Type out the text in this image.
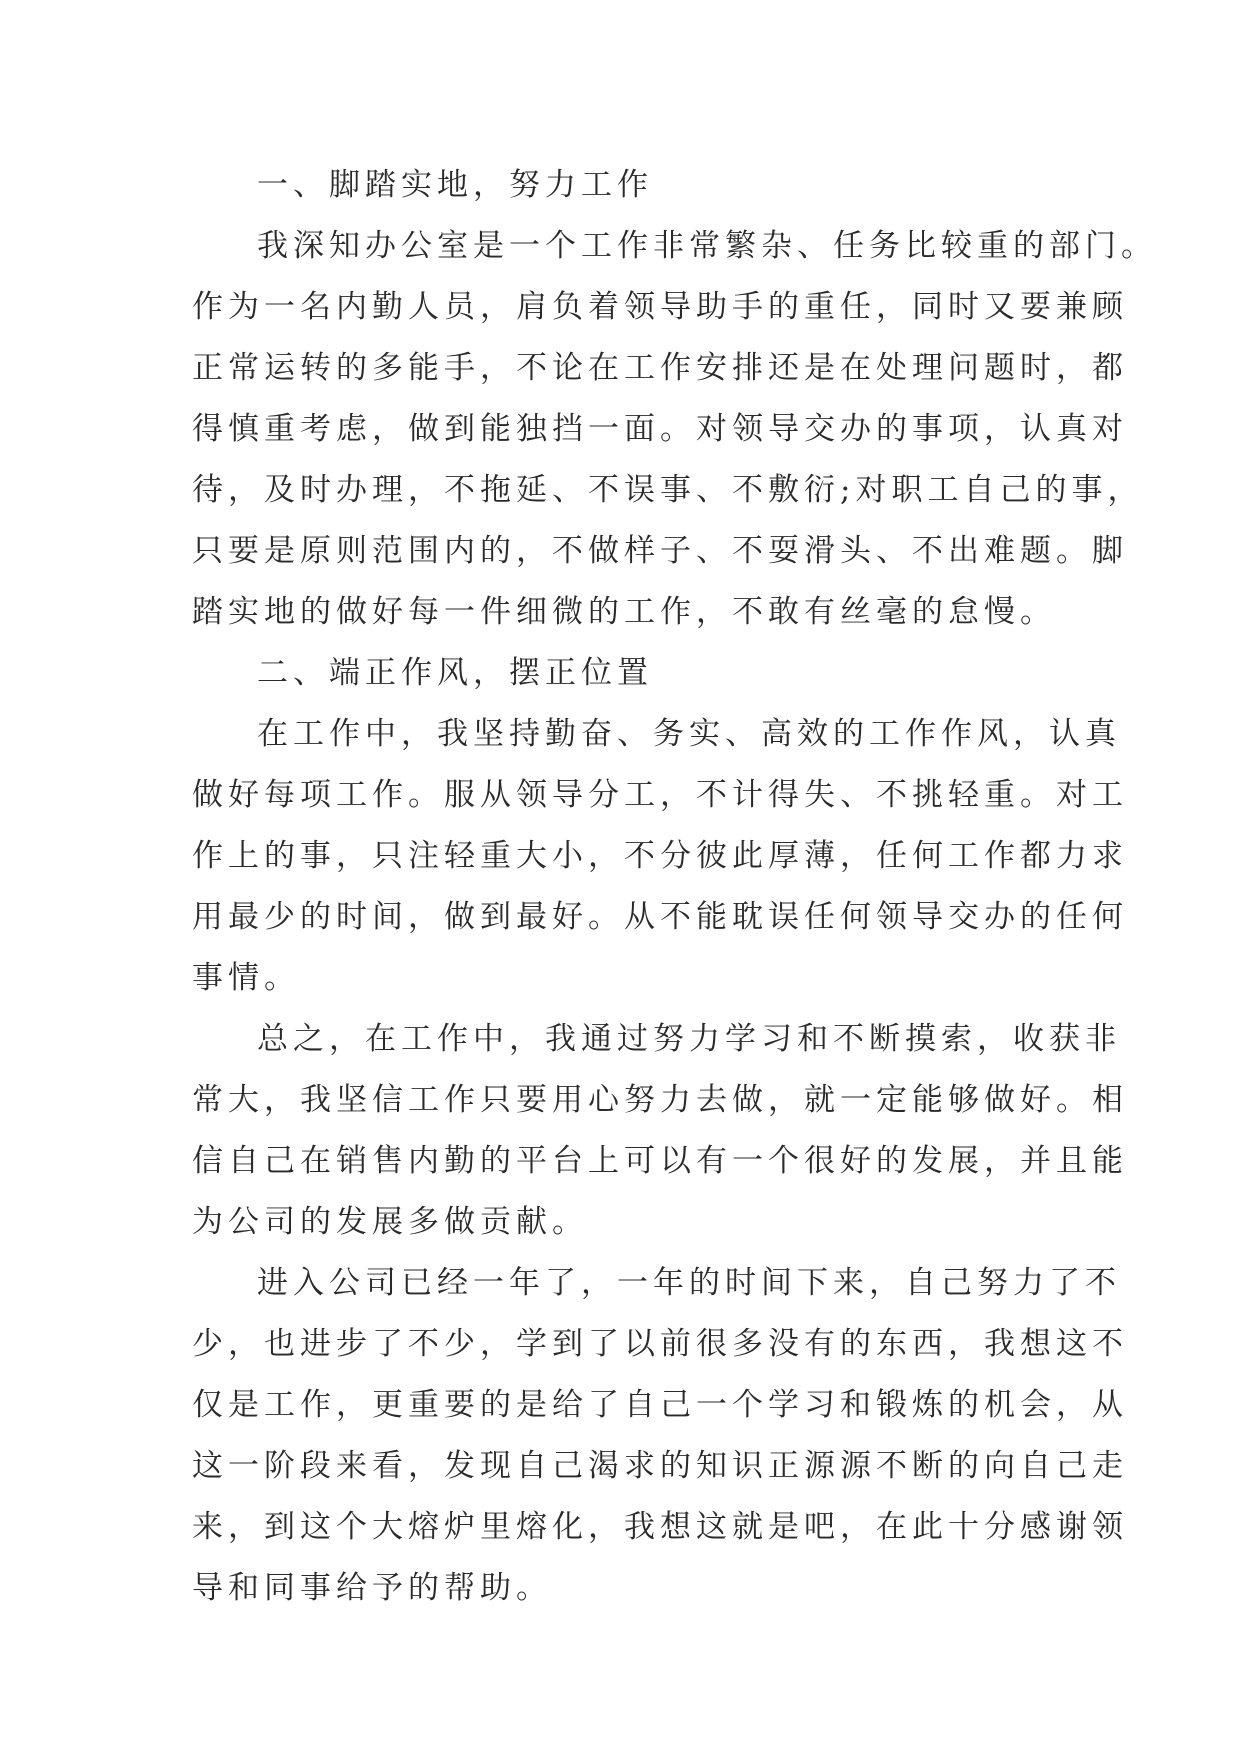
一、脚踏实地，努力工作
我深知办公室是一个工作非常繁杂、任务比较重的部门。
作为一名内勤人员，肩负着领导助手的重任，同时又要兼顾
正常运转的多能手，不论在工作安排还是在处理问题时，都
得慎重考虑，做到能独挡一面。对领导交办的事项，认真对
待，及时办理，不拖延、不误事、不敷衍;对职工自己的事，
只要是原则范围内的，不做样子、不耍滑头、不出难题。脚
踏实地的做好每一件细微的工作，不敢有丝毫的怠慢。
二、端正作风，摆正位置
在工作中，我坚持勤奋、务实、高效的工作作风，认真
做好每项工作。服从领导分工，不计得失、不挑轻重。对工
作上的事，只注轻重大小，不分彼此厚薄，任何工作都力求
用最少的时间，做到最好。从不能耽误任何领导交办的任何
事情。
总之，在工作中，我通过努力学习和不断摸索，收获非
常大，我坚信工作只要用心努力去做，就一定能够做好。相
信自己在销售内勤的平台上可以有一个很好的发展，并且能
为公司的发展多做贡献。
进入公司已经一年了，一年的时间下来，自己努力了不
少，也进步了不少，学到了以前很多没有的东西，我想这不
仅是工作，更重要的是给了自己一个学习和锻炼的机会，从
这一阶段来看，发现自己渴求的知识正源源不断的向自己走
来，到这个大熔炉里熔化，我想这就是吧，在此十分感谢领
导和同事给予的帮助。
